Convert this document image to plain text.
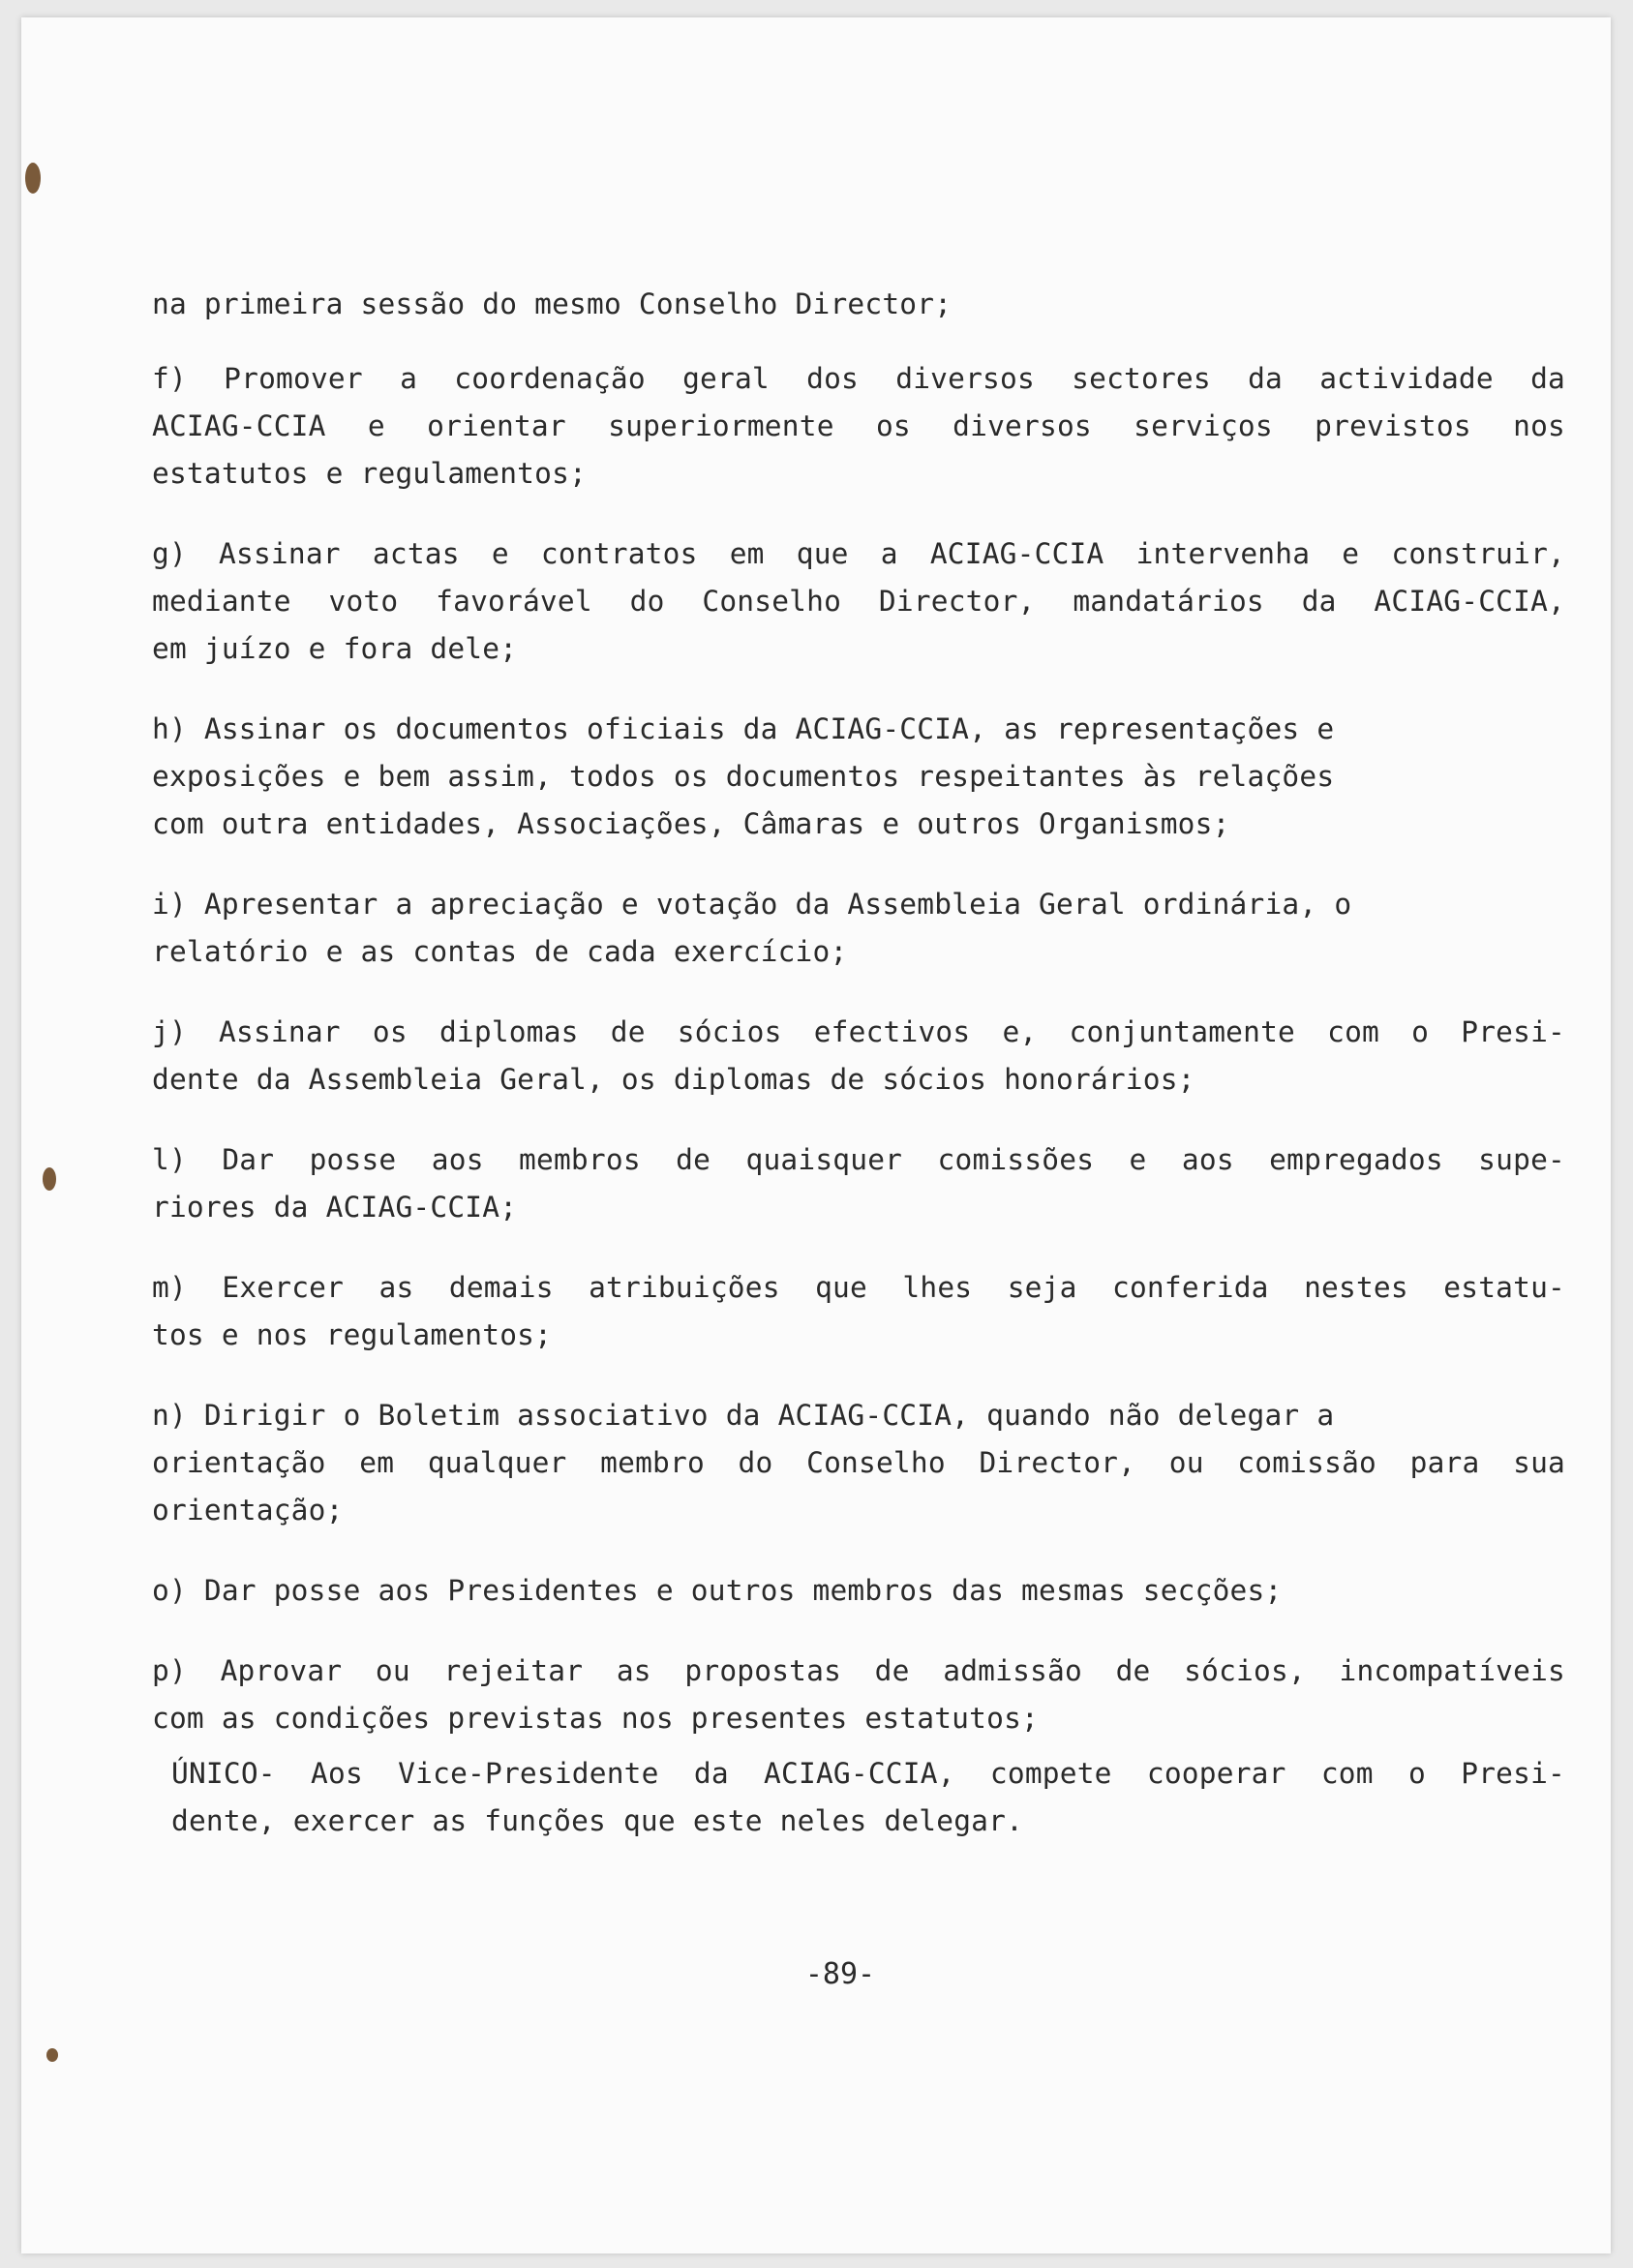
na primeira sessão do mesmo Conselho Director;
f) Promover a coordenação geral dos diversos sectores da actividade da
ACIAG-CCIA e orientar superiormente os diversos serviços previstos nos
estatutos e regulamentos;
g) Assinar actas e contratos em que a ACIAG-CCIA intervenha e construir,
mediante voto favorável do Conselho Director, mandatários da ACIAG-CCIA,
em juízo e fora dele;
h) Assinar os documentos oficiais da ACIAG-CCIA, as representações e
exposições e bem assim, todos os documentos respeitantes às relações
com outra entidades, Associações, Câmaras e outros Organismos;
i) Apresentar a apreciação e votação da Assembleia Geral ordinária, o
relatório e as contas de cada exercício;
j) Assinar os diplomas de sócios efectivos e, conjuntamente com o Presi-
dente da Assembleia Geral, os diplomas de sócios honorários;
l) Dar posse aos membros de quaisquer comissões e aos empregados supe-
riores da ACIAG-CCIA;
m) Exercer as demais atribuições que lhes seja conferida nestes estatu-
tos e nos regulamentos;
n) Dirigir o Boletim associativo da ACIAG-CCIA, quando não delegar a
orientação em qualquer membro do Conselho Director, ou comissão para sua
orientação;
o) Dar posse aos Presidentes e outros membros das mesmas secções;
p) Aprovar ou rejeitar as propostas de admissão de sócios, incompatíveis
com as condições previstas nos presentes estatutos;
ÚNICO- Aos Vice-Presidente da ACIAG-CCIA, compete cooperar com o Presi-
dente, exercer as funções que este neles delegar.
-89-
